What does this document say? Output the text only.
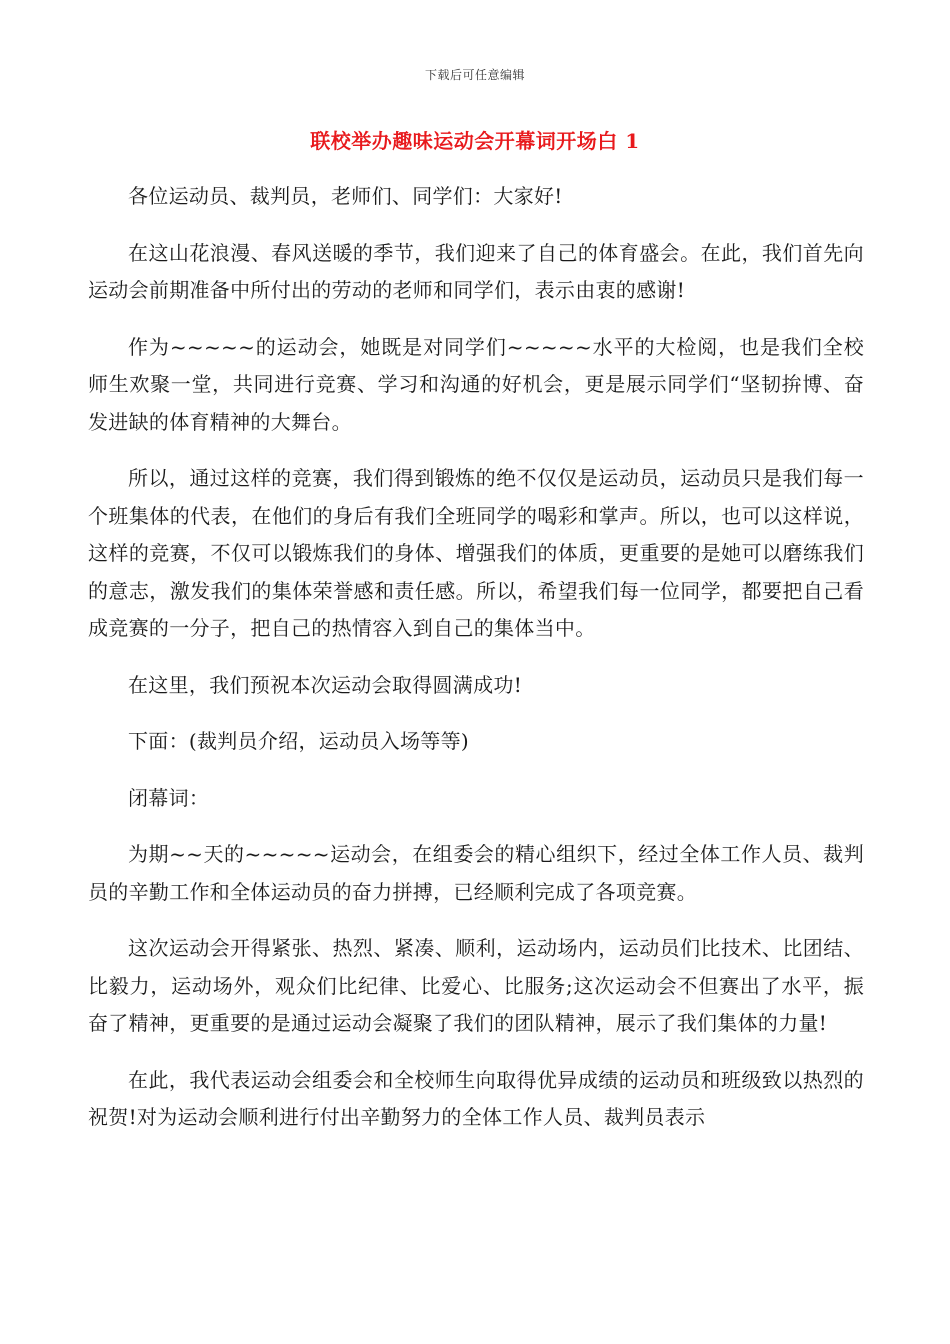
下载后可任意编辑
联校举办趣味运动会开幕词开场白 1

各位运动员、裁判员，老师们、同学们：大家好!

在这山花浪漫、春风送暖的季节，我们迎来了自己的体育盛会。在此，我们首先向运动会前期准备中所付出的劳动的老师和同学们，表示由衷的感谢!

作为~~~~~的运动会，她既是对同学们~~~~~水平的大检阅，也是我们全校师生欢聚一堂，共同进行竞赛、学习和沟通的好机会，更是展示同学们“坚韧拚博、奋发进缺的体育精神的大舞台。

所以，通过这样的竞赛，我们得到锻炼的绝不仅仅是运动员，运动员只是我们每一个班集体的代表，在他们的身后有我们全班同学的喝彩和掌声。所以，也可以这样说，这样的竞赛，不仅可以锻炼我们的身体、增强我们的体质，更重要的是她可以磨练我们的意志，激发我们的集体荣誉感和责任感。所以，希望我们每一位同学，都要把自己看成竞赛的一分子，把自己的热情容入到自己的集体当中。

在这里，我们预祝本次运动会取得圆满成功!

下面：(裁判员介绍，运动员入场等等)

闭幕词：

为期~~天的~~~~~运动会，在组委会的精心组织下，经过全体工作人员、裁判员的辛勤工作和全体运动员的奋力拼搏，已经顺利完成了各项竞赛。

这次运动会开得紧张、热烈、紧凑、顺利，运动场内，运动员们比技术、比团结、比毅力，运动场外，观众们比纪律、比爱心、比服务;这次运动会不但赛出了水平，振奋了精神，更重要的是通过运动会凝聚了我们的团队精神，展示了我们集体的力量!

在此，我代表运动会组委会和全校师生向取得优异成绩的运动员和班级致以热烈的祝贺!对为运动会顺利进行付出辛勤努力的全体工作人员、裁判员表示
